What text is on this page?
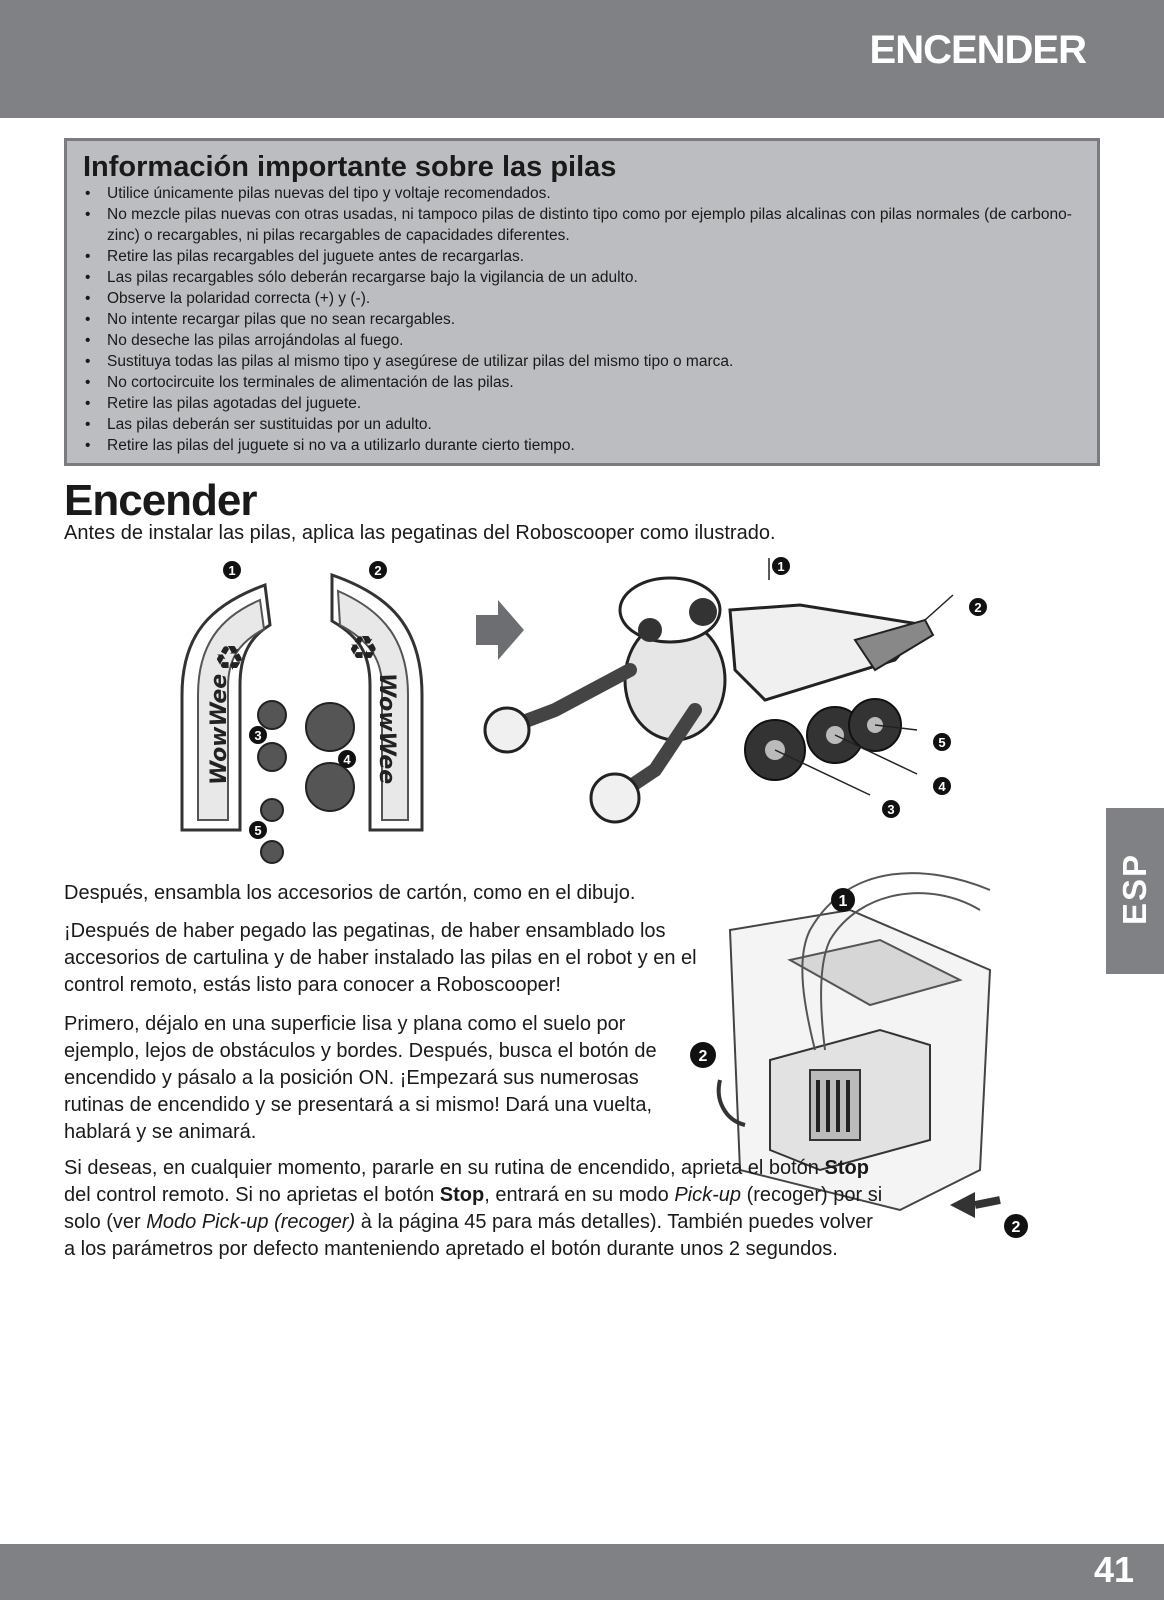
ENCENDER
Información importante sobre las pilas
• Utilice únicamente pilas nuevas del tipo y voltaje recomendados.
• No mezcle pilas nuevas con otras usadas, ni tampoco pilas de distinto tipo como por ejemplo pilas alcalinas con pilas normales (de carbono-zinc) o recargables, ni pilas recargables de capacidades diferentes.
• Retire las pilas recargables del juguete antes de recargarlas.
• Las pilas recargables sólo deberán recargarse bajo la vigilancia de un adulto.
• Observe la polaridad correcta (+) y (-).
• No intente recargar pilas que no sean recargables.
• No deseche las pilas arrojándolas al fuego.
• Sustituya todas las pilas al mismo tipo y asegúrese de utilizar pilas del mismo tipo o marca.
• No cortocircuite los terminales de alimentación de las pilas.
• Retire las pilas agotadas del juguete.
• Las pilas deberán ser sustituidas por un adulto.
• Retire las pilas del juguete si no va a utilizarlo durante cierto tiempo.
Encender
Antes de instalar las pilas, aplica las pegatinas del Roboscooper como ilustrado.
♻	♻
WowWee	WowWee
1	2
3
4
5
1
2
5
4
3
1
2
2

Después, ensambla los accesorios de cartón, como en el dibujo.

¡Después de haber pegado las pegatinas, de haber ensamblado los accesorios de cartulina y de haber instalado las pilas en el robot y en el control remoto, estás listo para conocer a Roboscooper!

Primero, déjalo en una superficie lisa y plana como el suelo por ejemplo, lejos de obstáculos y bordes. Después, busca el botón de encendido y pásalo a la posición ON. ¡Empezará sus numerosas rutinas de encendido y se presentará a si mismo! Dará una vuelta, hablará y se animará.

Si deseas, en cualquier momento, pararle en su rutina de encendido, aprieta el botón Stop del control remoto. Si no aprietas el botón Stop, entrará en su modo Pick-up (recoger) por si solo (ver Modo Pick-up (recoger) à la página 45 para más detalles). También puedes volver a los parámetros por defecto manteniendo apretado el botón durante unos 2 segundos.

ESP
41
